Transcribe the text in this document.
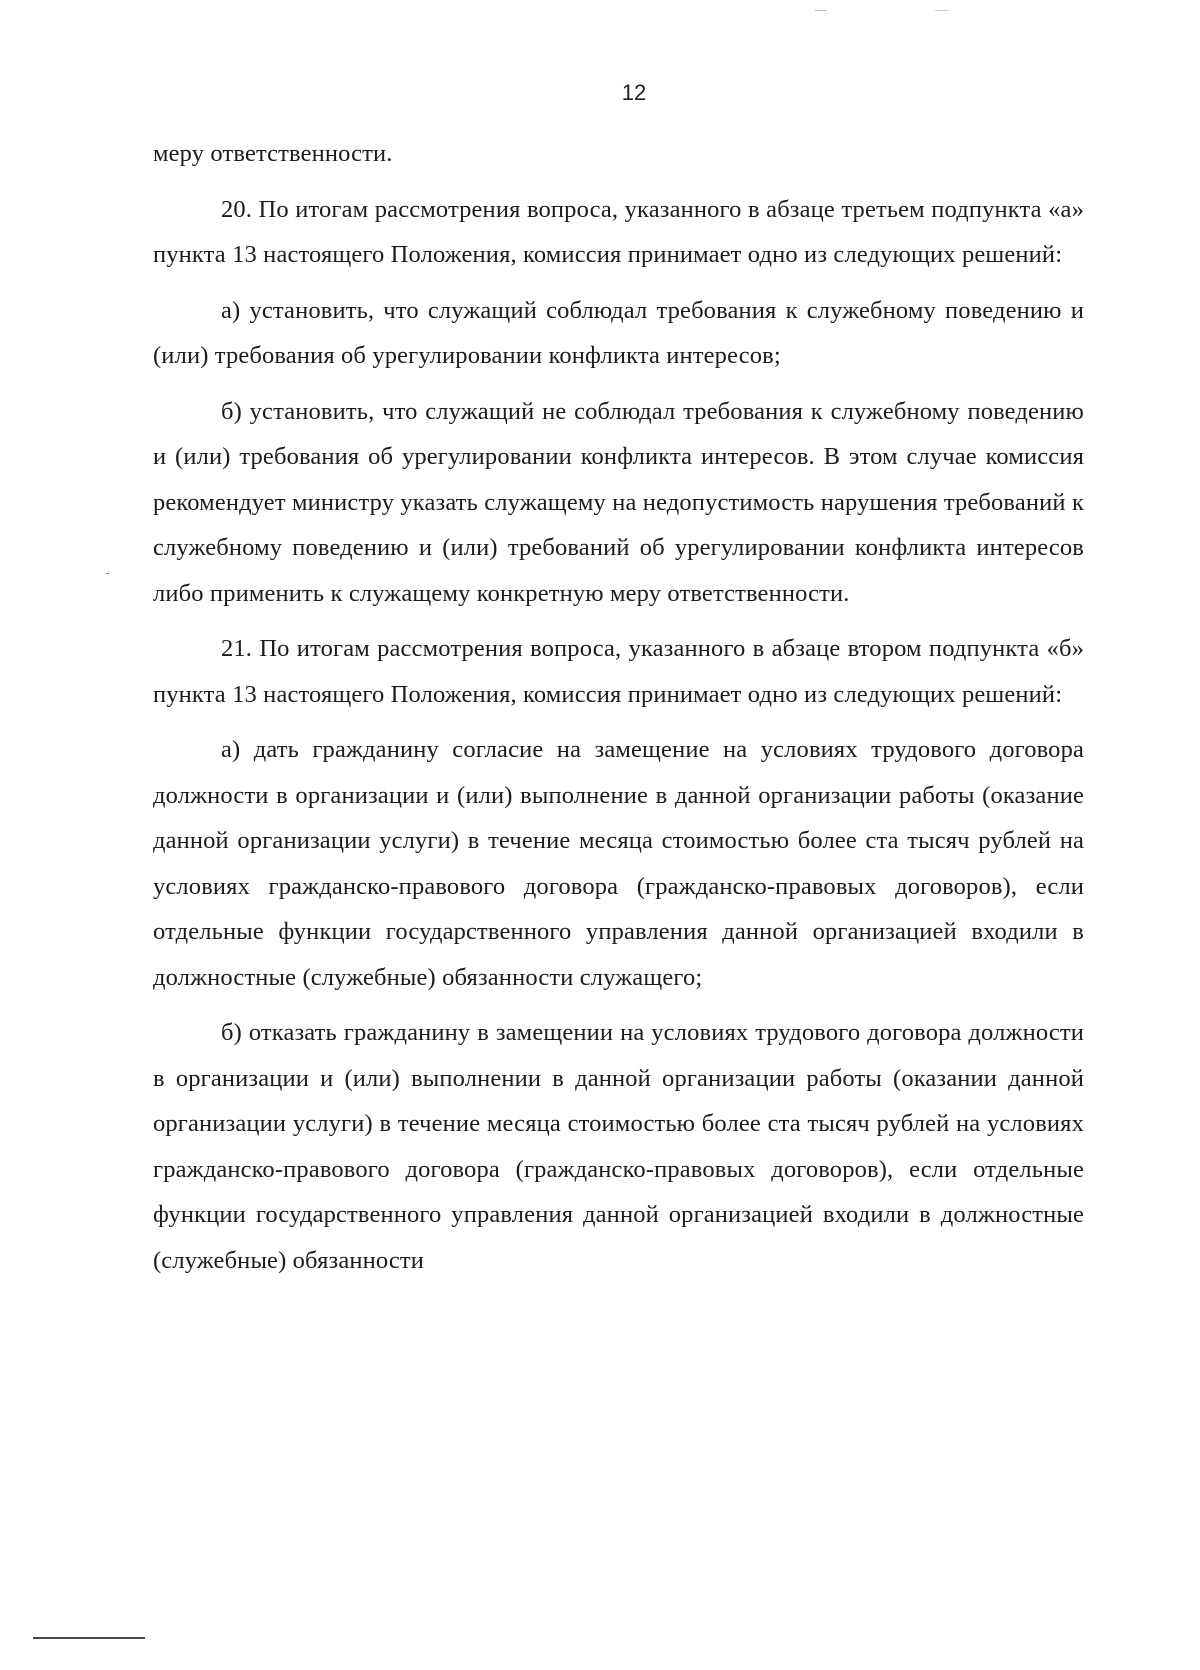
12

меру ответственности.

20. По итогам рассмотрения вопроса, указанного в абзаце третьем подпункта «а» пункта 13 настоящего Положения, комиссия принимает одно из следующих решений:

а) установить, что служащий соблюдал требования к служебному поведению и (или) требования об урегулировании конфликта интересов;

б) установить, что служащий не соблюдал требования к служебному поведению и (или) требования об урегулировании конфликта интересов. В этом случае комиссия рекомендует министру указать служащему на недопустимость нарушения требований к служебному поведению и (или) требований об урегулировании конфликта интересов либо применить к служащему конкретную меру ответственности.

21. По итогам рассмотрения вопроса, указанного в абзаце втором подпункта «б» пункта 13 настоящего Положения, комиссия принимает одно из следующих решений:

а) дать гражданину согласие на замещение на условиях трудового договора должности в организации и (или) выполнение в данной организации работы (оказание данной организации услуги) в течение месяца стоимостью более ста тысяч рублей на условиях гражданско-правового договора (гражданско-правовых договоров), если отдельные функции государственного управления данной организацией входили в должностные (служебные) обязанности служащего;

б) отказать гражданину в замещении на условиях трудового договора должности в организации и (или) выполнении в данной организации работы (оказании данной организации услуги) в течение месяца стоимостью более ста тысяч рублей на условиях гражданско-правового договора (гражданско-правовых договоров), если отдельные функции государственного управления данной организацией входили в должностные (служебные) обязанности
